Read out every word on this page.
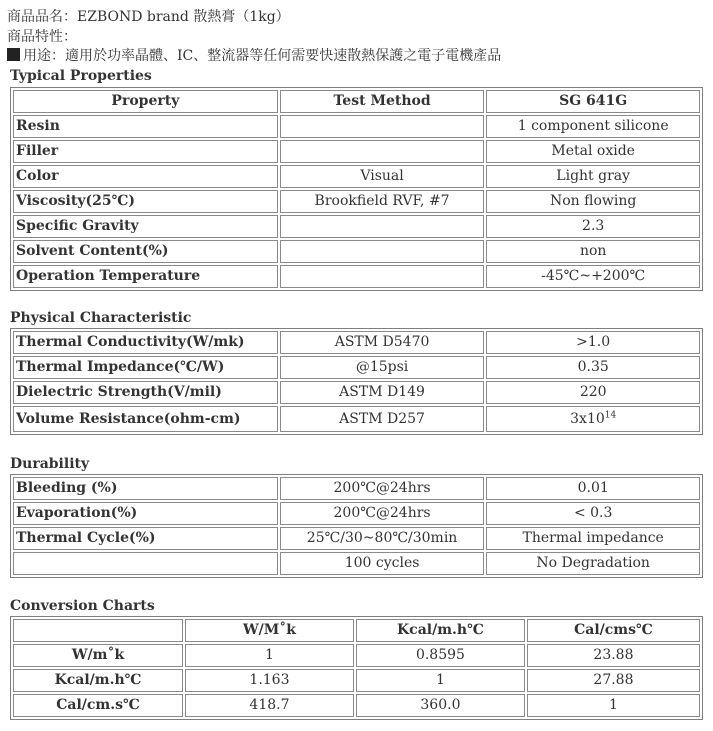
商品品名：EZBOND brand 散熱膏（1kg）
商品特性：
用途：適用於功率晶體、IC、整流器等任何需要快速散熱保護之電子電機產品
Typical Properties
Property	Test Method	SG 641G
Resin		1 component silicone
Filler		Metal oxide
Color	Visual	Light gray
Viscosity(25℃)	Brookfield RVF, #7	Non flowing
Specific Gravity		2.3
Solvent Content(%)		non
Operation Temperature		-45℃~+200℃
Physical Characteristic
Thermal Conductivity(W/mk)	ASTM D5470	>1.0
Thermal Impedance(℃/W)	@15psi	0.35
Dielectric Strength(V/mil)	ASTM D149	220
Volume Resistance(ohm-cm)	ASTM D257	$3x10^{14}$
Durability
Bleeding (%)	200℃@24hrs	0.01
Evaporation(%)	200℃@24hrs	< 0.3
Thermal Cycle(%)	25℃/30~80℃/30min	Thermal impedance
	100 cycles	No Degradation
Conversion Charts
	W/M˚k	Kcal/m.h℃	Cal/cms℃
W/m˚k	1	0.8595	23.88
Kcal/m.h℃	1.163	1	27.88
Cal/cm.s℃	418.7	360.0	1
